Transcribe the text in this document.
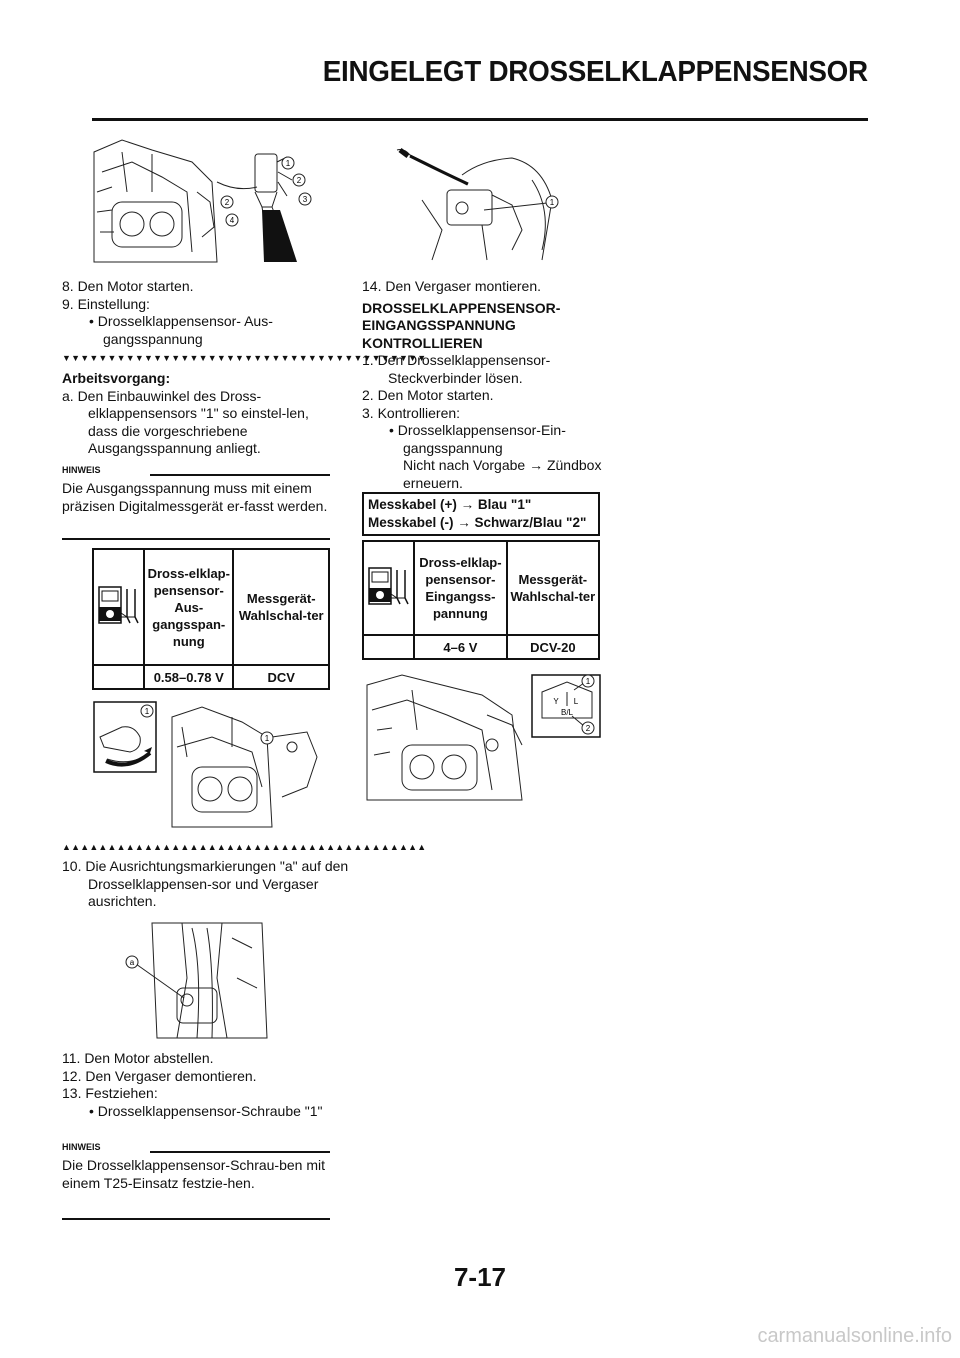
EINGELEGT DROSSELKLAPPENSENSOR
1
2
3
2
4
8. Den Motor starten.
9. Einstellung:
• Drosselklappensensor- Aus-gangsspannung
▼▼▼▼▼▼▼▼▼▼▼▼▼▼▼▼▼▼▼▼▼▼▼▼▼▼▼▼▼▼▼▼▼▼▼▼▼▼▼▼
Arbeitsvorgang:
a. Den Einbauwinkel des Dross-elklappensensors "1" so einstel-len, dass die vorgeschriebene Ausgangsspannung anliegt.
HINWEIS
Die Ausgangsspannung muss mit einem präzisen Digitalmessgerät er-fasst werden.
	Dross-elklap-pensensor-Aus-gangsspan-nung	Messgerät-Wahlschal-ter
	0.58–0.78 V	DCV
1
1
▲▲▲▲▲▲▲▲▲▲▲▲▲▲▲▲▲▲▲▲▲▲▲▲▲▲▲▲▲▲▲▲▲▲▲▲▲▲▲▲
10. Die Ausrichtungsmarkierungen "a" auf den Drosselklappensen-sor und Vergaser ausrichten.
a
11. Den Motor abstellen.
12. Den Vergaser demontieren.
13. Festziehen:
• Drosselklappensensor-Schraube "1"
HINWEIS
Die Drosselklappensensor-Schrau-ben mit einem T25-Einsatz festzie-hen.
1
14. Den Vergaser montieren.
DROSSELKLAPPENSENSOR-EINGANGSSPANNUNG KONTROLLIEREN
1. Den Drosselklappensensor-Steckverbinder lösen.
2. Den Motor starten.
3. Kontrollieren:
• Drosselklappensensor-Ein-gangsspannung
Nicht nach Vorgabe → Zündbox erneuern.
Messkabel (+) → Blau "1"
Messkabel (-) → Schwarz/Blau "2"
	Dross-elklap-pensensor-Eingangss-pannung	Messgerät-Wahlschal-ter
	4–6 V	DCV-20
Y L
B/L
1
2
7-17
carmanualsonline.info
